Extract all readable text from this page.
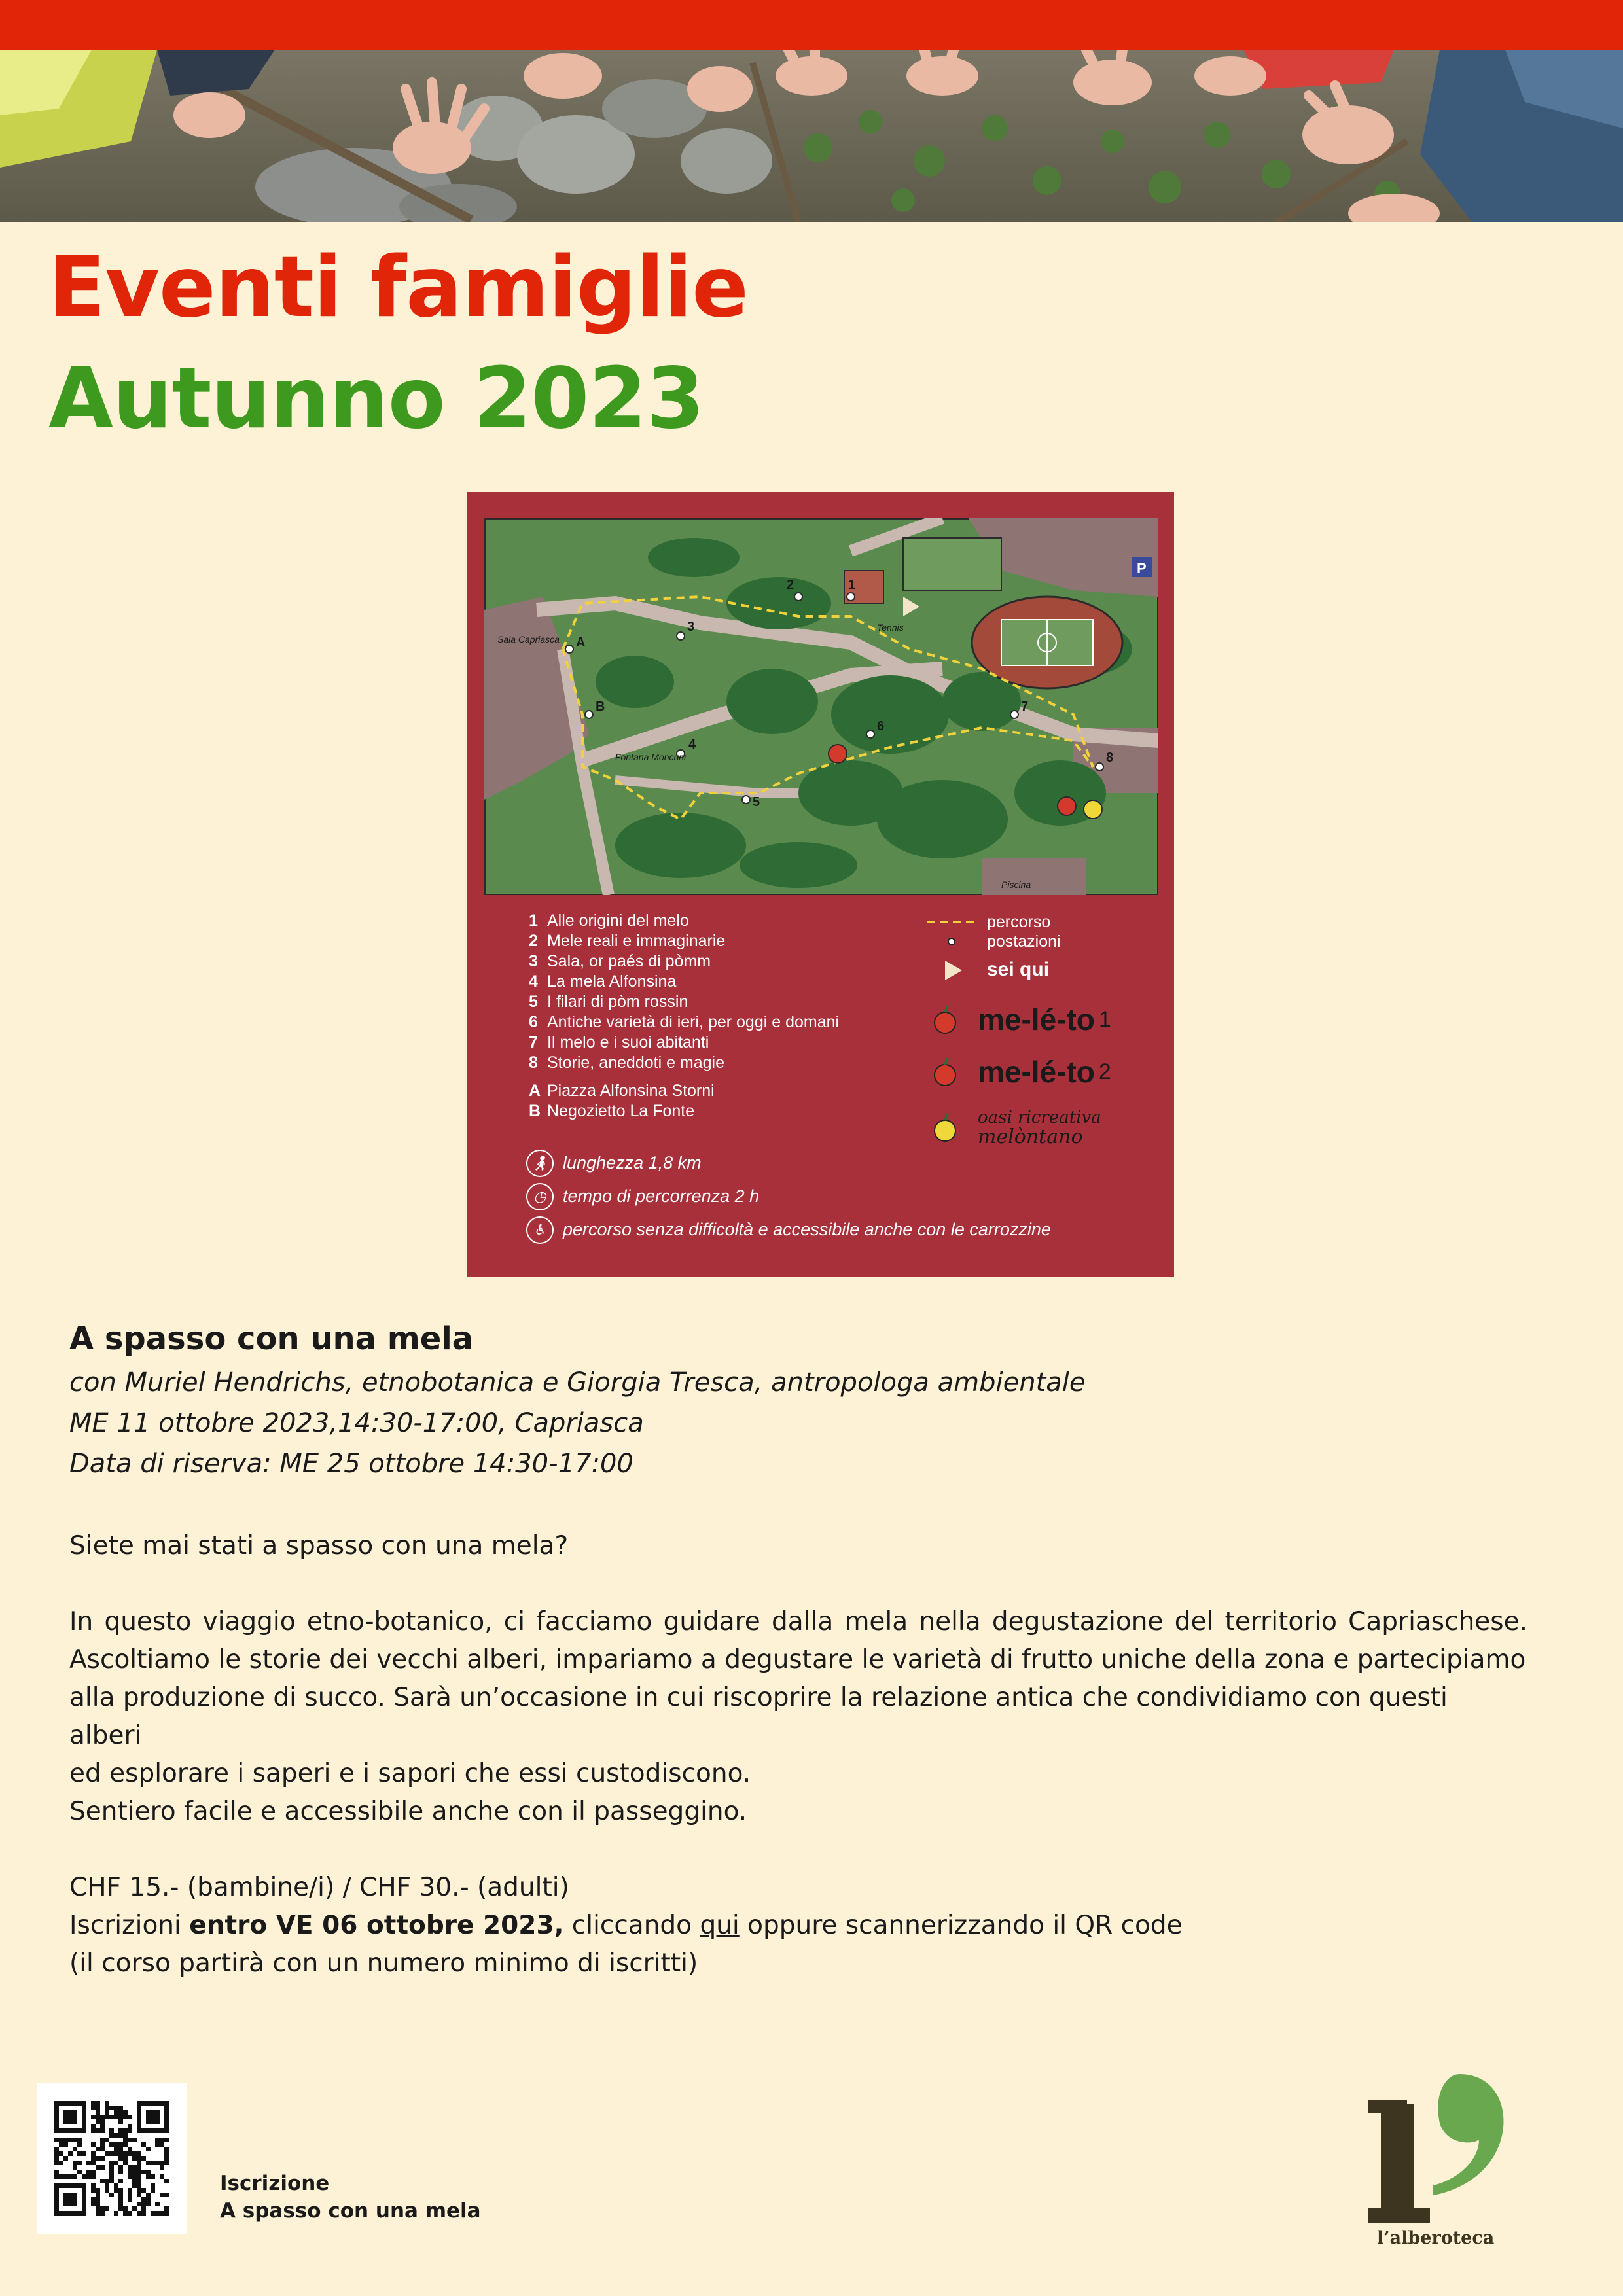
Eventi famiglie
Autunno 2023
P
1
2
3
4
5
6
7
8
A
B
Sala Capriasca
Tennis
Fontana Moncrini
Piscina
1 Alle origini del melo
2 Mele reali e immaginarie
3 Sala, or paés di pòmm
4 La mela Alfonsina
5 I filari di pòm rossin
6 Antiche varietà di ieri, per oggi e domani
7 Il melo e i suoi abitanti
8 Storie, aneddoti e magie
A Piazza Alfonsina Storni
B Negozietto La Fonte
percorso
postazioni
sei qui
me-lé-to 1
me-lé-to 2
oasi ricreativa
melòntano
🚶︎ lunghezza 1,8 km
◷ tempo di percorrenza 2 h
♿︎ percorso senza difficoltà e accessibile anche con le carrozzine
A spasso con una mela
con Muriel Hendrichs, etnobotanica e Giorgia Tresca, antropologa ambientale
ME 11 ottobre 2023,14:30-17:00, Capriasca
Data di riserva: ME 25 ottobre 14:30-17:00

Siete mai stati a spasso con una mela?

In questo viaggio etno-botanico, ci facciamo guidare dalla mela nella degustazione del territorio Capriaschese.

Ascoltiamo le storie dei vecchi alberi, impariamo a degustare le varietà di frutto uniche della zona e partecipiamo

alla produzione di succo. Sarà un’occasione in cui riscoprire la relazione antica che condividiamo con questi alberi

ed esplorare i saperi e i sapori che essi custodiscono.

Sentiero facile e accessibile anche con il passeggino.

CHF 15.- (bambine/i) / CHF 30.- (adulti)

Iscrizioni entro VE 06 ottobre 2023, cliccando qui oppure scannerizzando il QR code

(il corso partirà con un numero minimo di iscritti)

Iscrizione
A spasso con una mela
l’alberoteca
